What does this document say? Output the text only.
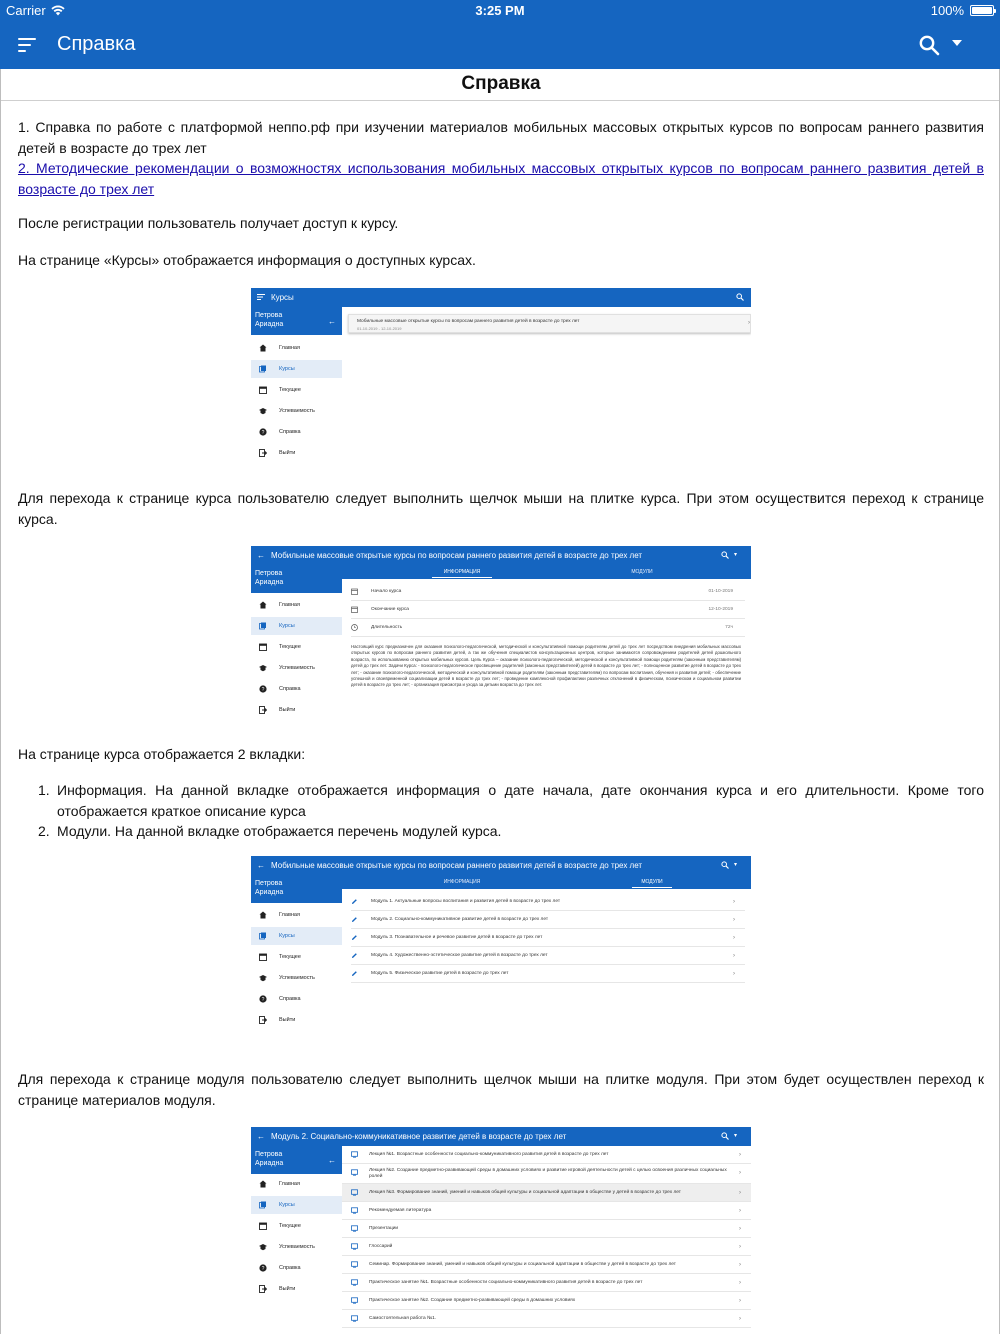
Carrier	3:25 PM	100%
Справка
Справка
1. Справка по работе с платформой неппо.рф при изучении материалов мобильных массовых открытых курсов по вопросам раннего развития детей в возрасте до трех лет
2. Методические рекомендации о возможностях использования мобильных массовых открытых курсов по вопросам раннего развития детей в возрасте до трех лет
После регистрации пользователь получает доступ к курсу.
На странице «Курсы» отображается информация о доступных курсах.
Курсы
Петрова Ариадна	←	Мобильные массовые открытые курсы по вопросам раннего развития детей в возрасте до трех лет
01-10-2019 - 12-10-2019
›
Главная
Курсы
Текущее
Успеваемость
?	Справка
Выйти
Для перехода к странице курса пользователю следует выполнить щелчок мыши на плитке курса. При этом осуществится переход к странице курса.
← Мобильные массовые открытые курсы по вопросам раннего развития детей в возрасте до трех лет	▾
Петрова Ариадна
ИНФОРМАЦИЯ	МОДУЛИ
Начало курса	01-10-2019
Окончание курса	12-10-2019
Длительность	72ч
Настоящий курс предназначен для оказания психолого-педагогической, методической и консультативной помощи родителям детей до трех лет посредством внедрения мобильных массовых открытых курсов по вопросам раннего развития детей, а так же обучения специалистов консультационных центров, которые занимаются сопровождением родителей детей дошкольного возраста, по использованию открытых мобильных курсов. Цель Курса – оказание психолого-педагогической, методической и консультативной помощи родителям (законным представителям) детей до трех лет. Задачи Курса: - психолого-педагогическое просвещение родителей (законных представителей) детей в возрасте до трех лет; - полноценное развитие детей в возрасте до трех лет; - оказание психолого-педагогической, методической и консультативной помощи родителям (законным представителям) по вопросам воспитания, обучения и развития детей; - обеспечение успешной и своевременной социализации детей в возрасте до трех лет; - проведение комплексной профилактики различных отклонений в физическом, психическом и социальном развитии детей в возрасте до трех лет; - организация присмотра и ухода за детьми возраста до трех лет.
Главная
Курсы
Текущее
Успеваемость
?	Справка
Выйти
На странице курса отображается 2 вкладки:
1. Информация. На данной вкладке отображается информация о дате начала, дате окончания курса и его длительности. Кроме того отображается краткое описание курса
2. Модули. На данной вкладке отображается перечень модулей курса.
← Мобильные массовые открытые курсы по вопросам раннего развития детей в возрасте до трех лет	▾
Петрова Ариадна
ИНФОРМАЦИЯ	МОДУЛИ
Модуль 1. Актуальные вопросы воспитания и развития детей в возрасте до трех лет	›
Модуль 2. Социально-коммуникативное развитие детей в возрасте до трех лет	›
Модуль 3. Познавательное и речевое развитие детей в возрасте до трех лет	›
Модуль 4. Художественно-эстетическое развитие детей в возрасте до трех лет	›
Модуль 5. Физическое развитие детей в возрасте до трех лет	›
Главная
Курсы
Текущее
Успеваемость
?	Справка
Выйти
Для перехода к странице модуля пользователю следует выполнить щелчок мыши на плитке модуля. При этом будет осуществлен переход к странице материалов модуля.
← Модуль 2. Социально-коммуникативное развитие детей в возрасте до трех лет	▾
Петрова Ариадна	←
Лекция №1. Возрастные особенности социально-коммуникативного развития детей в возрасте до трех лет	›
Лекция №2. Создание предметно-развивающей среды в домашних условиях и развитие игровой деятельности детей с целью освоения различных социальных ролей
›
Лекция №3. Формирование знаний, умений и навыков общей культуры и социальной адаптации в обществе у детей в возрасте до трех лет	›
Рекомендуемая литература	›
Презентации	›
Глоссарий	›
Семинар. Формирование знаний, умений и навыков общей культуры и социальной адаптации в обществе у детей в возрасте до трех лет	›
Практическое занятие №1. Возрастные особенности социально-коммуникативного развития детей в возрасте до трех лет	›
Практическое занятие №2. Создание предметно-развивающей среды в домашних условиях	›
Самостоятельная работа №1.	›
Главная
Курсы
Текущее
Успеваемость
?	Справка
Выйти
